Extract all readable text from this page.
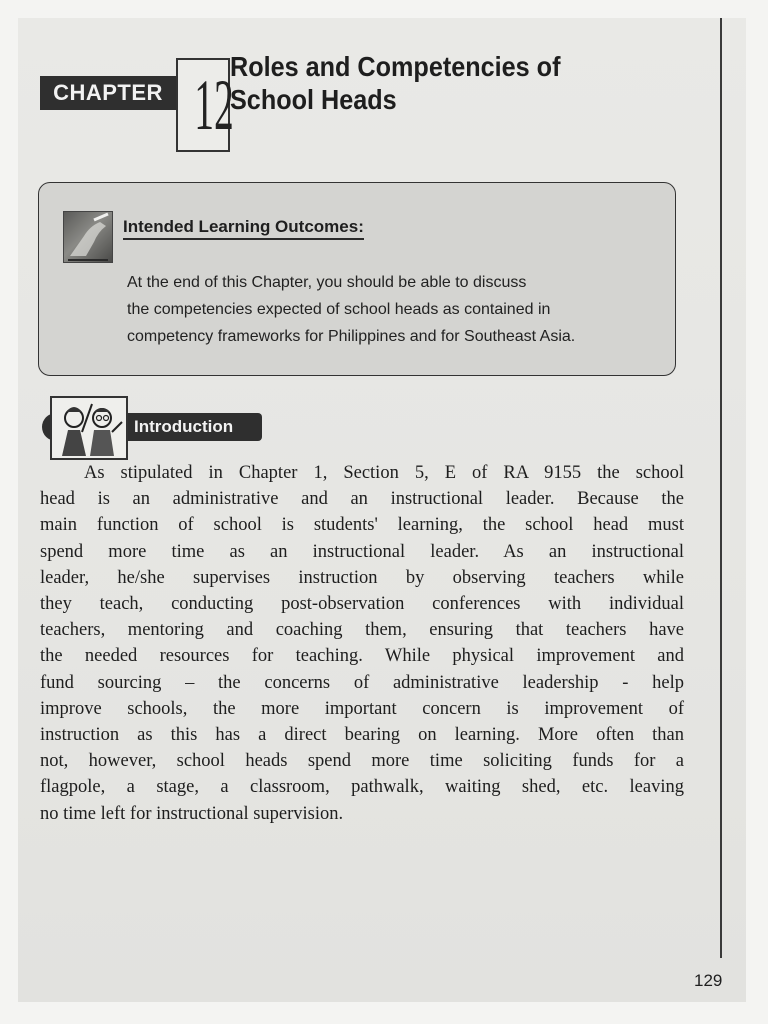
CHAPTER 12
Roles and Competencies of
School Heads
Intended Learning Outcomes:
At the end of this Chapter, you should be able to discuss
the competencies expected of school heads as contained in
competency frameworks for Philippines and for Southeast Asia.
Introduction
As stipulated in Chapter 1, Section 5, E of RA 9155 the school
head is an administrative and an instructional leader. Because the
main function of school is students' learning, the school head must
spend more time as an instructional leader. As an instructional
leader, he/she supervises instruction by observing teachers while
they teach, conducting post-observation conferences with individual
teachers, mentoring and coaching them, ensuring that teachers have
the needed resources for teaching. While physical improvement and
fund sourcing – the concerns of administrative leadership - help
improve schools, the more important concern is improvement of
instruction as this has a direct bearing on learning. More often than
not, however, school heads spend more time soliciting funds for a
flagpole, a stage, a classroom, pathwalk, waiting shed, etc. leaving
no time left for instructional supervision.
129
